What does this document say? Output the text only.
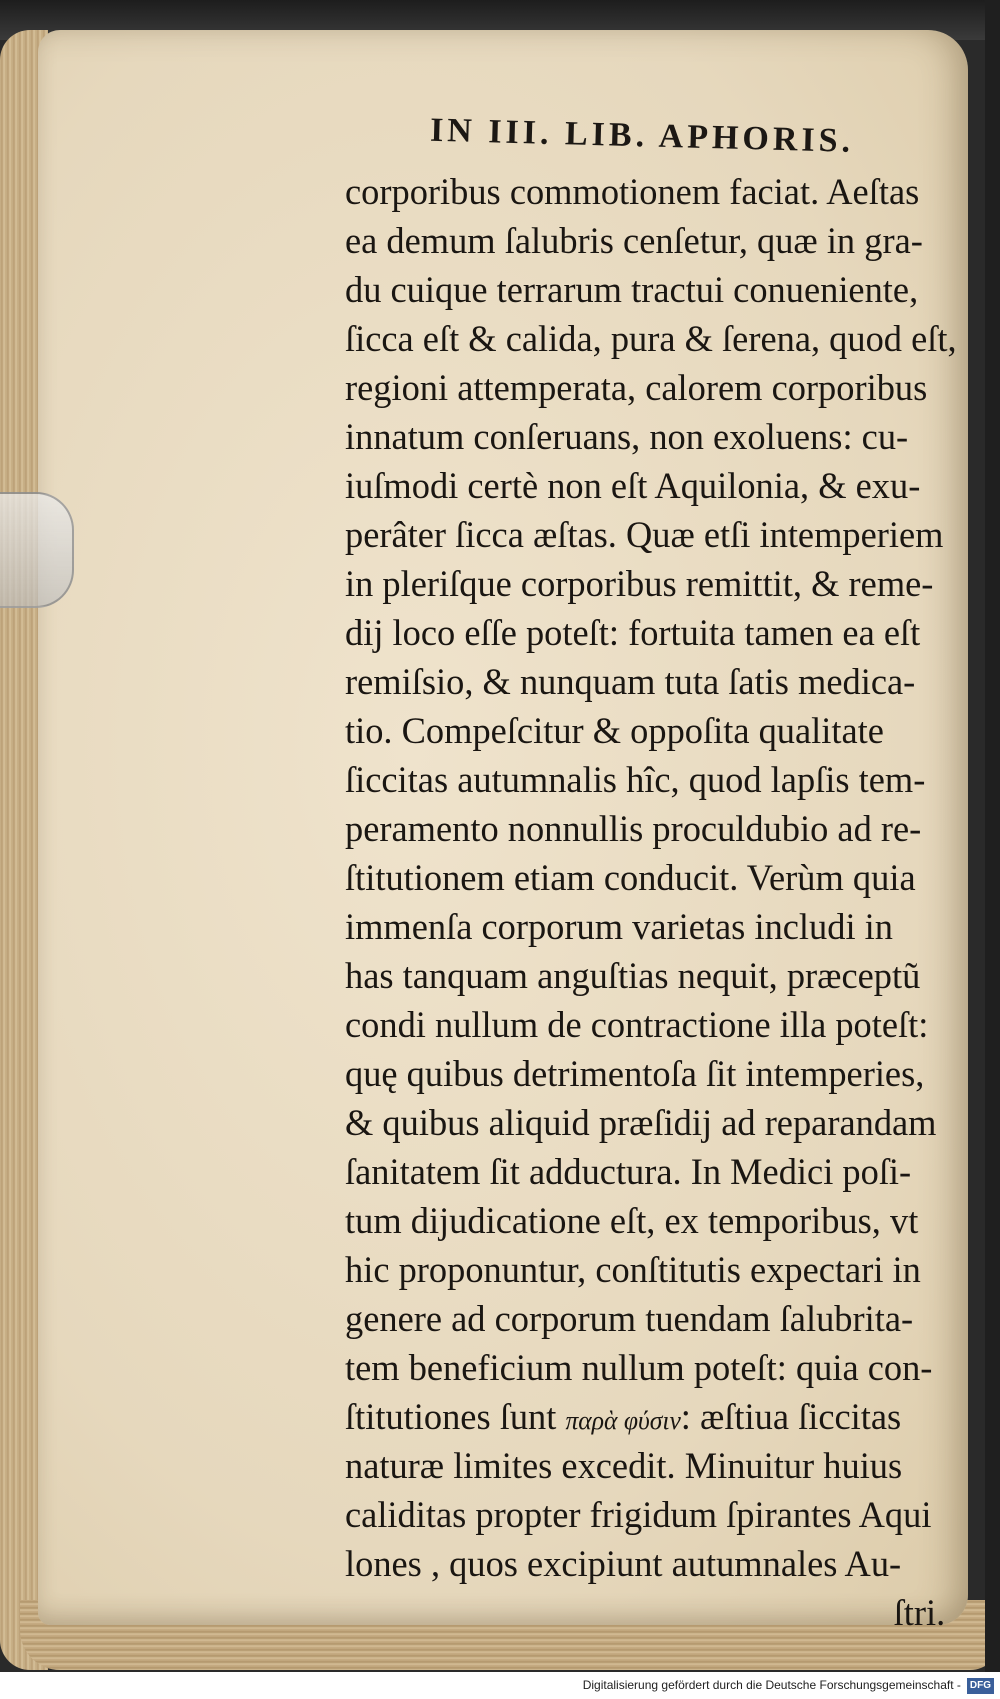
IN III. LIB. APHORIS.
corporibus commotionem faciat. Aeſtas
ea demum ſalubris cenſetur, quæ in gra-
du cuique terrarum tractui conueniente,
ſicca eſt & calida, pura & ſerena, quod eſt,
regioni attemperata, calorem corporibus
innatum conſeruans, non exoluens: cu-
iuſmodi certè non eſt Aquilonia, & exu-
perâter ſicca æſtas. Quæ etſi intemperiem
in pleriſque corporibus remittit, & reme-
dij loco eſſe poteſt: fortuita tamen ea eſt
remiſsio, & nunquam tuta ſatis medica-
tio. Compeſcitur & oppoſita qualitate
ſiccitas autumnalis hîc, quod lapſis tem-
peramento nonnullis proculdubio ad re-
ſtitutionem etiam conducit. Verùm quia
immenſa corporum varietas includi in
has tanquam anguſtias nequit, præceptũ
condi nullum de contractione illa poteſt:
quę quibus detrimentoſa ſit intemperies,
& quibus aliquid præſidij ad reparandam
ſanitatem ſit adductura. In Medici poſi-
tum dijudicatione eſt, ex temporibus, vt
hic proponuntur, conſtitutis expectari in
genere ad corporum tuendam ſalubrita-
tem beneficium nullum poteſt: quia con-
ſtitutiones ſunt παρὰ φύσιν: æſtiua ſiccitas
naturæ limites excedit. Minuitur huius
caliditas propter frigidum ſpirantes Aqui
lones , quos excipiunt autumnales Au-
ſtri.
Digitalisierung gefördert durch die Deutsche Forschungsgemeinschaft - DFG
